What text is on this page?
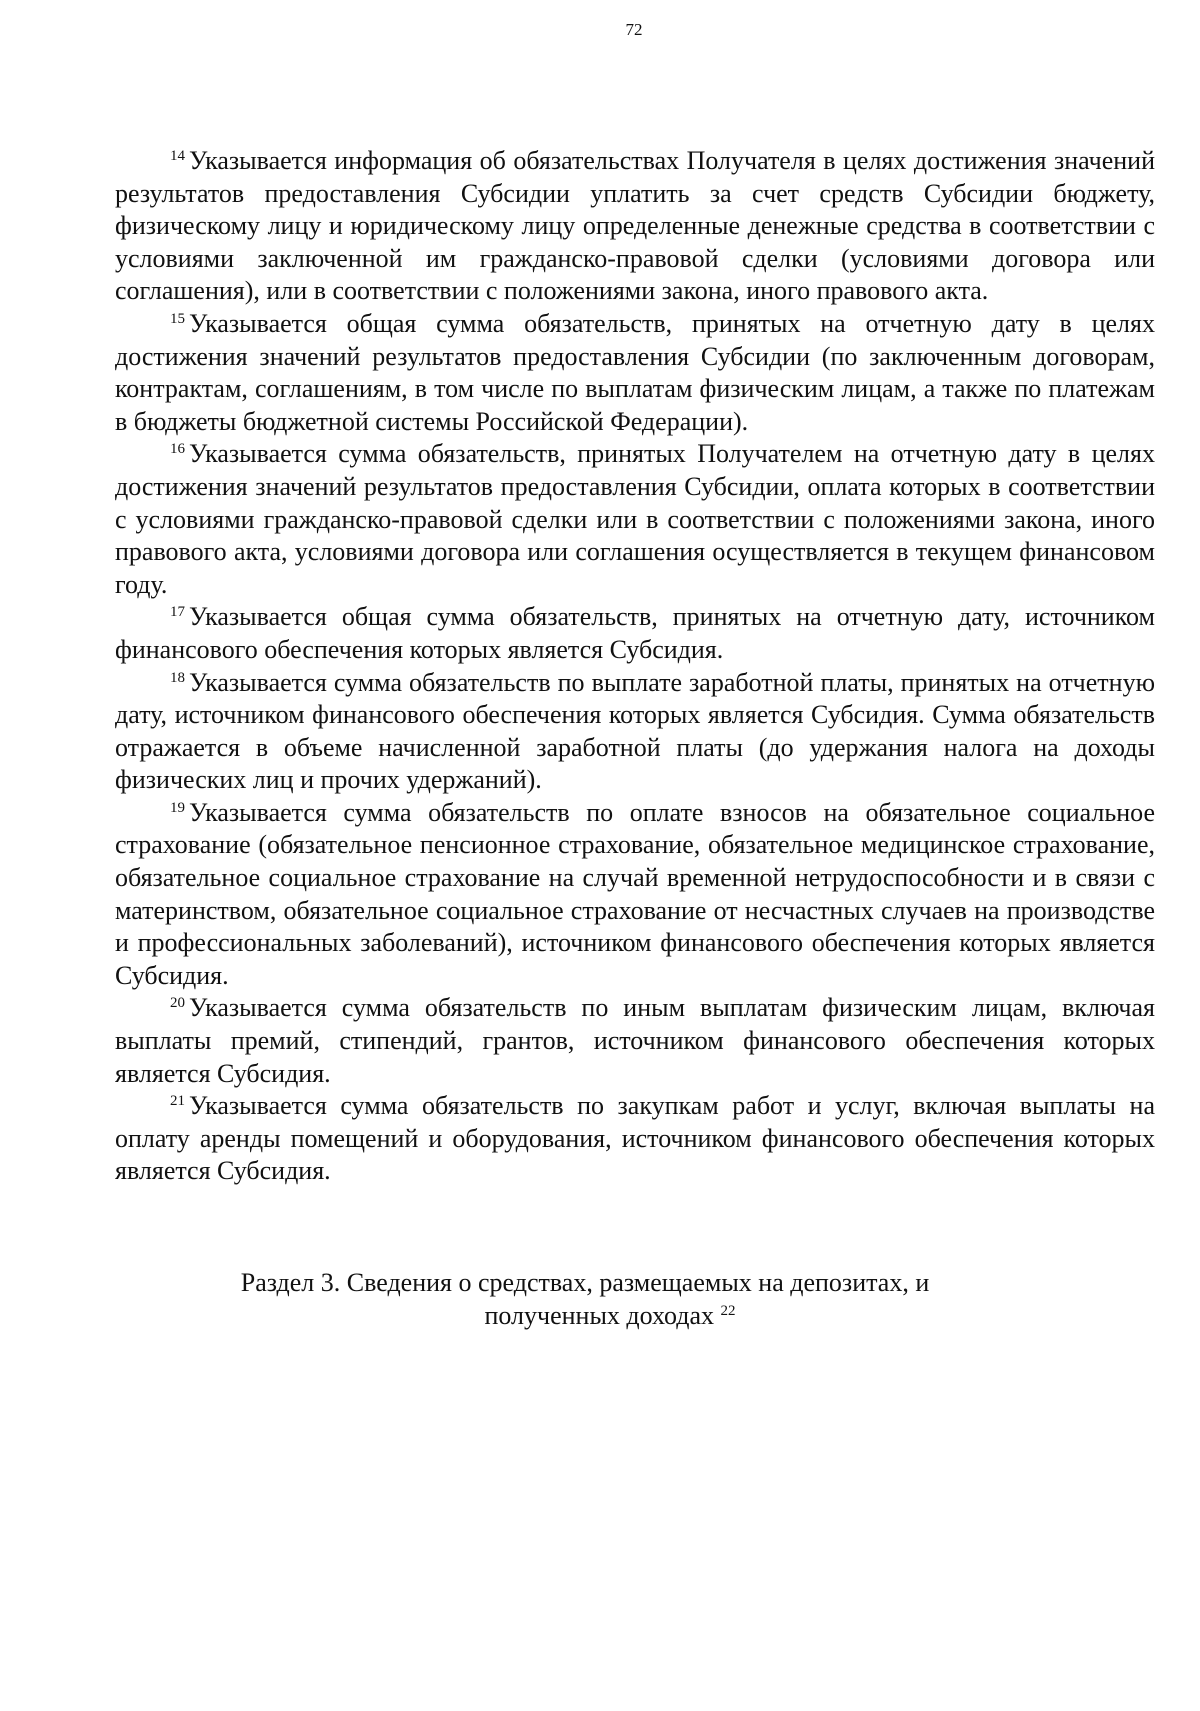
72

$^{14}$ Указывается информация об обязательствах Получателя в целях достижения значений результатов предоставления Субсидии уплатить за счет средств Субсидии бюджету, физическому лицу и юридическому лицу определенные денежные средства в соответствии с условиями заключенной им гражданско-правовой сделки (условиями договора или соглашения), или в соответствии с положениями закона, иного правового акта.

$^{15}$ Указывается общая сумма обязательств, принятых на отчетную дату в целях достижения значений результатов предоставления Субсидии (по заключенным договорам, контрактам, соглашениям, в том числе по выплатам физическим лицам, а также по платежам в бюджеты бюджетной системы Российской Федерации).

$^{16}$ Указывается сумма обязательств, принятых Получателем на отчетную дату в целях достижения значений результатов предоставления Субсидии, оплата которых в соответствии с условиями гражданско-правовой сделки или в соответствии с положениями закона, иного правового акта, условиями договора или соглашения осуществляется в текущем финансовом году.

$^{17}$ Указывается общая сумма обязательств, принятых на отчетную дату, источником финансового обеспечения которых является Субсидия.

$^{18}$ Указывается сумма обязательств по выплате заработной платы, принятых на отчетную дату, источником финансового обеспечения которых является Субсидия. Сумма обязательств отражается в объеме начисленной заработной платы (до удержания налога на доходы физических лиц и прочих удержаний).

$^{19}$ Указывается сумма обязательств по оплате взносов на обязательное социальное страхование (обязательное пенсионное страхование, обязательное медицинское страхование, обязательное социальное страхование на случай временной нетрудоспособности и в связи с материнством, обязательное социальное страхование от несчастных случаев на производстве и профессиональных заболеваний), источником финансового обеспечения которых является Субсидия.

$^{20}$ Указывается сумма обязательств по иным выплатам физическим лицам, включая выплаты премий, стипендий, грантов, источником финансового обеспечения которых является Субсидия.

$^{21}$ Указывается сумма обязательств по закупкам работ и услуг, включая выплаты на оплату аренды помещений и оборудования, источником финансового обеспечения которых является Субсидия.

Раздел 3. Сведения о средствах, размещаемых на депозитах, и
полученных доходах $^{22}$
